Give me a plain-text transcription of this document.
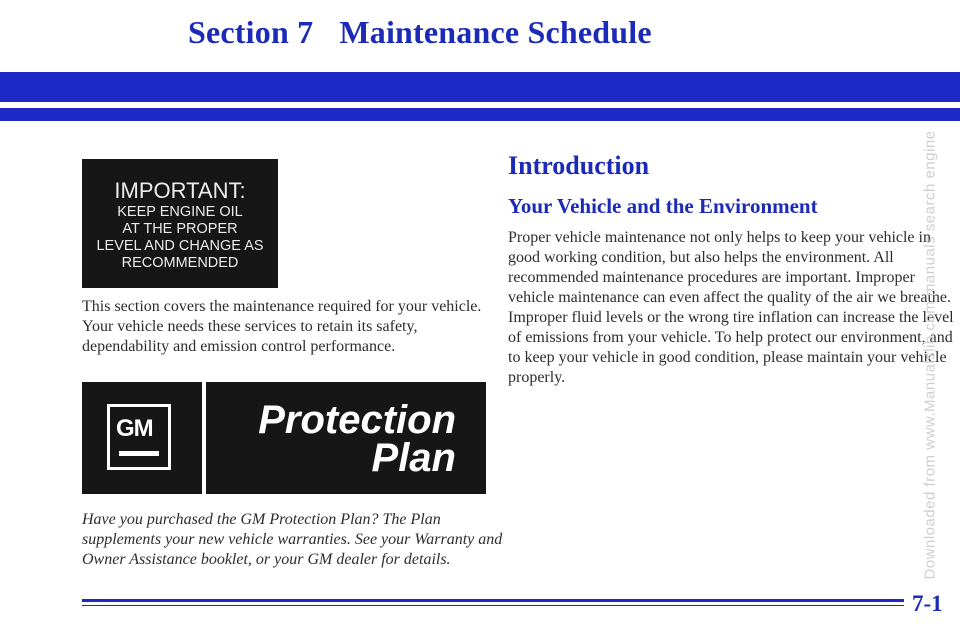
Section 7 Maintenance Schedule
IMPORTANT:
KEEP ENGINE OIL
AT THE PROPER
LEVEL AND CHANGE AS
RECOMMENDED

This section covers the maintenance required for your vehicle. Your vehicle needs these services to retain its safety, dependability and emission control performance.

GM	Protection
Plan

Have you purchased the GM Protection Plan? The Plan supplements your new vehicle warranties. See your Warranty and Owner Assistance booklet, or your GM dealer for details.

Introduction
Your Vehicle and the Environment

Proper vehicle maintenance not only helps to keep your vehicle in good working condition, but also helps the environment. All recommended maintenance procedures are important. Improper vehicle maintenance can even affect the quality of the air we breathe. Improper fluid levels or the wrong tire inflation can increase the level of emissions from your vehicle. To help protect our environment, and to keep your vehicle in good condition, please maintain your vehicle properly.

7-1
Downloaded from www.Manualslib.com manuals search engine
